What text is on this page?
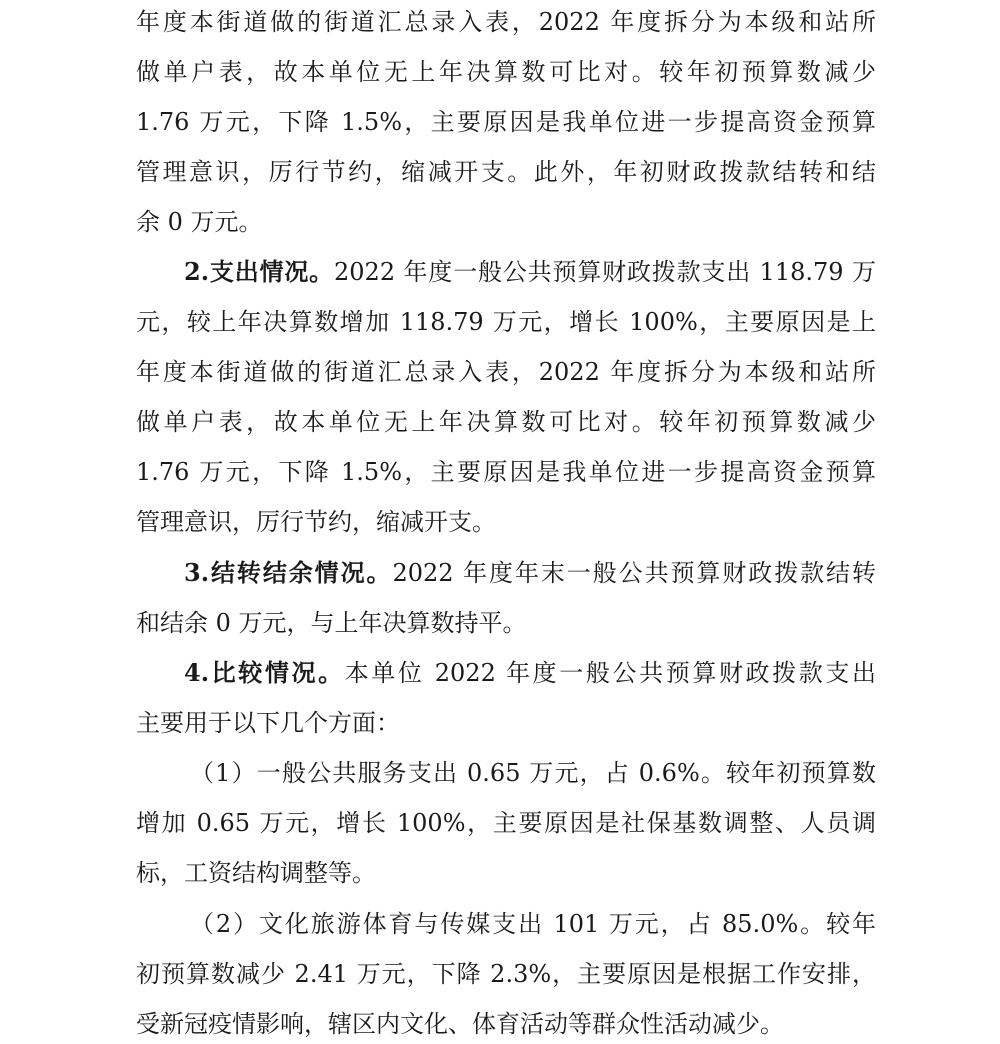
年度本街道做的街道汇总录入表，2022 年度拆分为本级和站所
做单户表，故本单位无上年决算数可比对。较年初预算数减少
1.76 万元，下降 1.5%，主要原因是我单位进一步提高资金预算
管理意识，厉行节约，缩减开支。此外，年初财政拨款结转和结
余 0 万元。
2.支出情况。2022 年度一般公共预算财政拨款支出 118.79 万
元，较上年决算数增加 118.79 万元，增长 100%，主要原因是上
年度本街道做的街道汇总录入表，2022 年度拆分为本级和站所
做单户表，故本单位无上年决算数可比对。较年初预算数减少
1.76 万元，下降 1.5%，主要原因是我单位进一步提高资金预算
管理意识，厉行节约，缩减开支。
3.结转结余情况。2022 年度年末一般公共预算财政拨款结转
和结余 0 万元，与上年决算数持平。
4.比较情况。本单位 2022 年度一般公共预算财政拨款支出
主要用于以下几个方面：
（1）一般公共服务支出 0.65 万元，占 0.6%。较年初预算数
增加 0.65 万元，增长 100%，主要原因是社保基数调整、人员调
标，工资结构调整等。
（2）文化旅游体育与传媒支出 101 万元，占 85.0%。较年
初预算数减少 2.41 万元，下降 2.3%，主要原因是根据工作安排，
受新冠疫情影响，辖区内文化、体育活动等群众性活动减少。
